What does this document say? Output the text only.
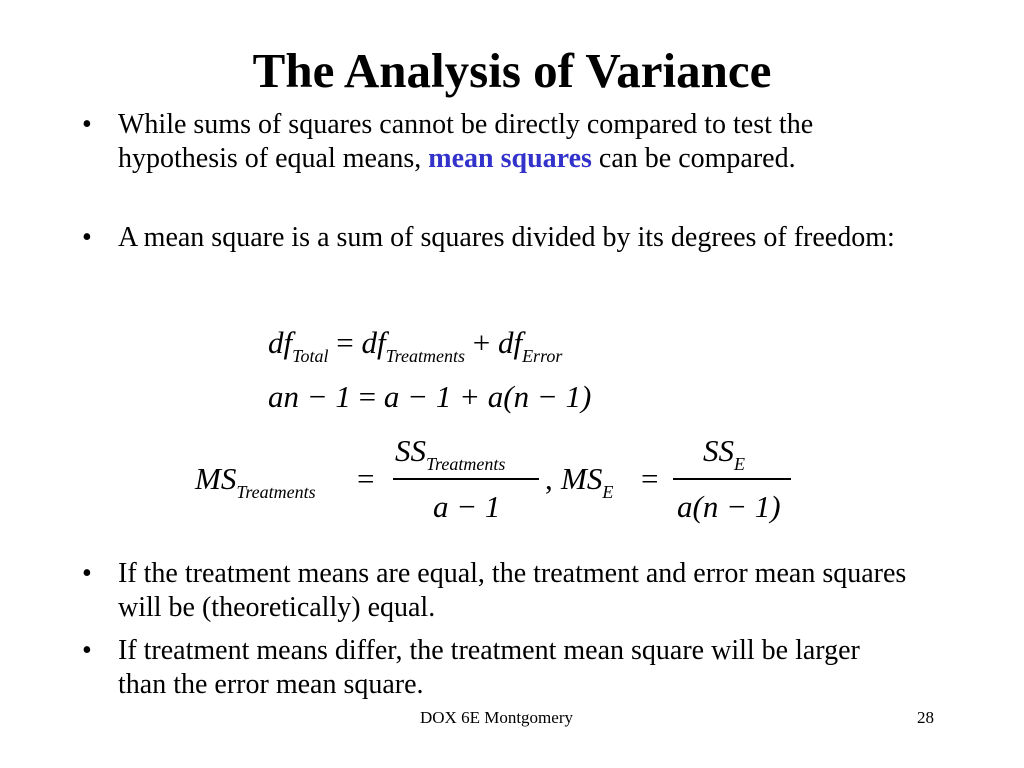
The Analysis of Variance
• While sums of squares cannot be directly compared to test the hypothesis of equal means, mean squares can be compared.
• A mean square is a sum of squares divided by its degrees of freedom:
$df_{Total} = df_{Treatments} + df_{Error}$
an − 1 = a − 1 + a(n − 1)
$MS_{Treatments}$ =
$SS_{Treatments}$
a − 1
, $MS_E$ =
$SS_E$
a(n − 1)
• If the treatment means are equal, the treatment and error mean squares will be (theoretically) equal.
• If treatment means differ, the treatment mean square will be larger than the error mean square.
DOX 6E Montgomery	28
